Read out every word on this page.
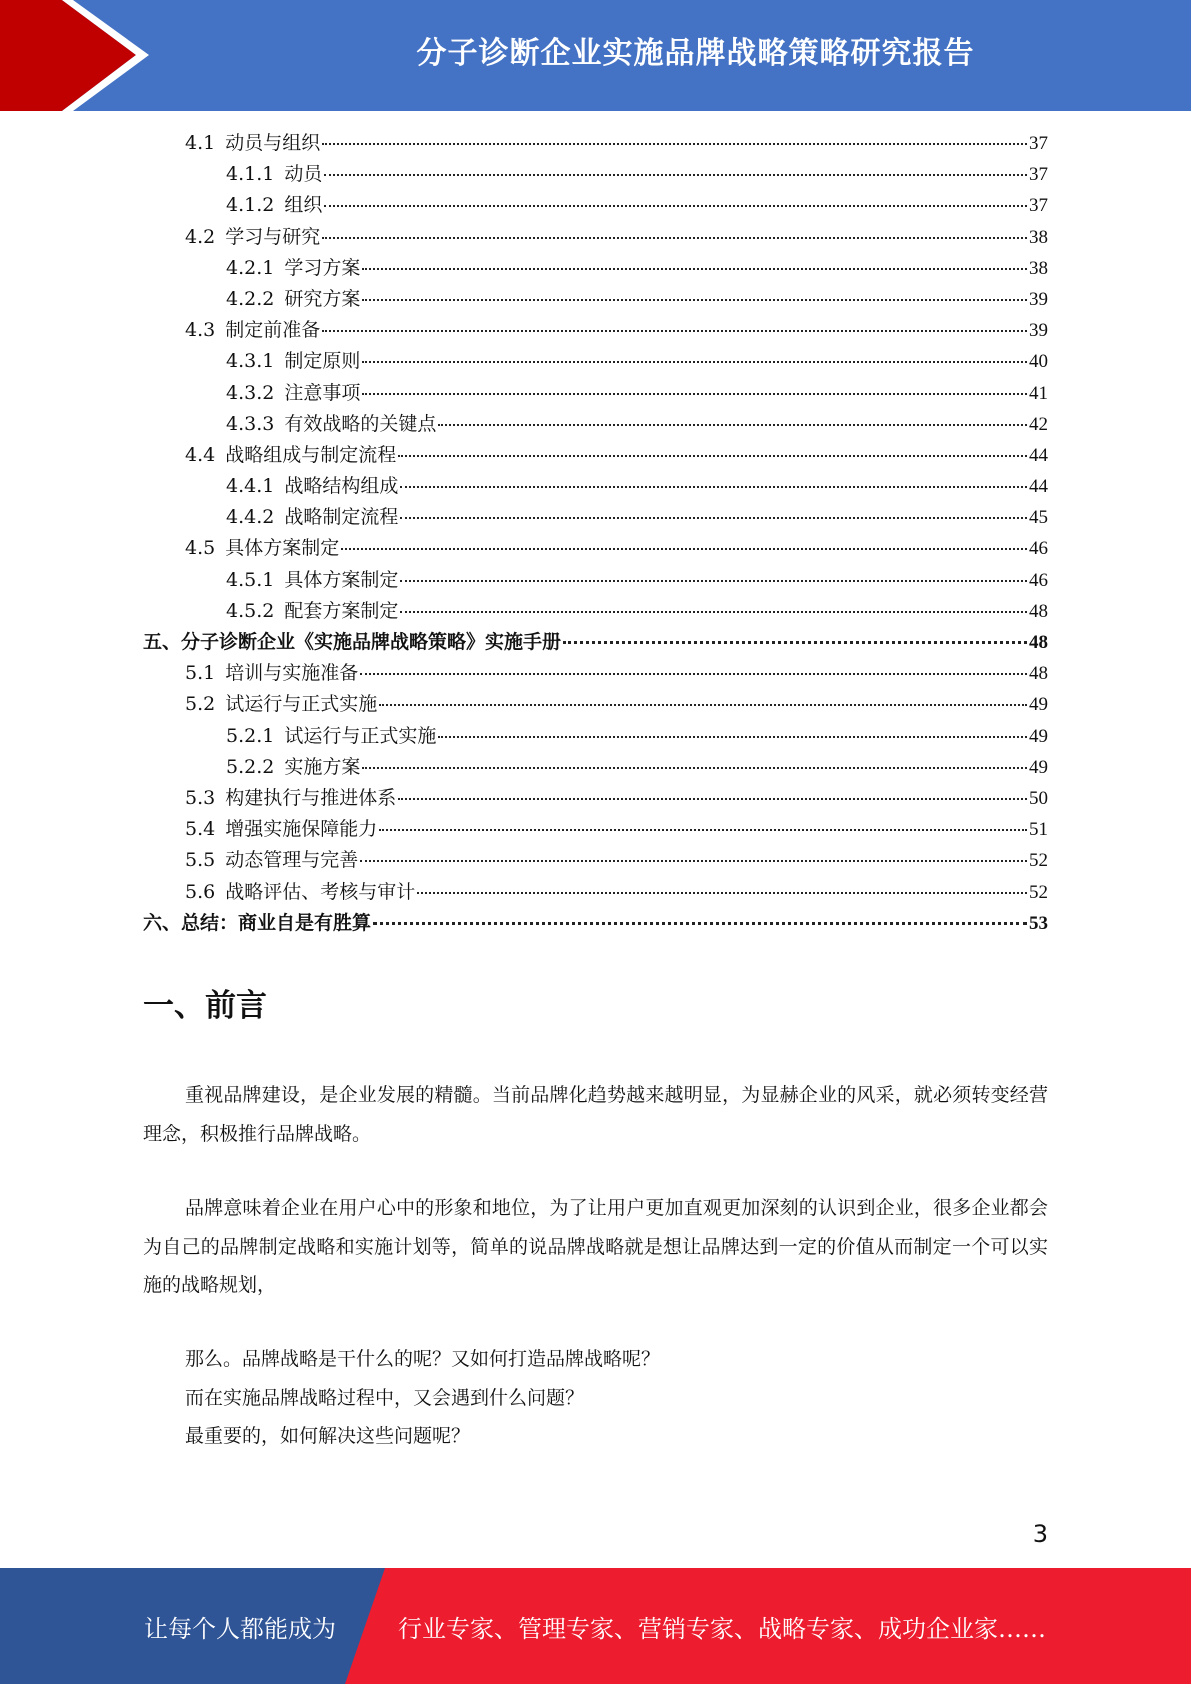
分子诊断企业实施品牌战略策略研究报告
4.1 动员与组织	37
4.1.1 动员	37
4.1.2 组织	37
4.2 学习与研究	38
4.2.1 学习方案	38
4.2.2 研究方案	39
4.3 制定前准备	39
4.3.1 制定原则	40
4.3.2 注意事项	41
4.3.3 有效战略的关键点	42
4.4 战略组成与制定流程	44
4.4.1 战略结构组成	44
4.4.2 战略制定流程	45
4.5 具体方案制定	46
4.5.1 具体方案制定	46
4.5.2 配套方案制定	48
五、分子诊断企业《实施品牌战略策略》实施手册	48
5.1 培训与实施准备	48
5.2 试运行与正式实施	49
5.2.1 试运行与正式实施	49
5.2.2 实施方案	49
5.3 构建执行与推进体系	50
5.4 增强实施保障能力	51
5.5 动态管理与完善	52
5.6 战略评估、考核与审计	52
六、总结：商业自是有胜算	53
一、前言

重视品牌建设，是企业发展的精髓。当前品牌化趋势越来越明显，为显赫企业的风采，就必须转变经营理念，积极推行品牌战略。

品牌意味着企业在用户心中的形象和地位，为了让用户更加直观更加深刻的认识到企业，很多企业都会为自己的品牌制定战略和实施计划等，简单的说品牌战略就是想让品牌达到一定的价值从而制定一个可以实施的战略规划，

那么。品牌战略是干什么的呢？又如何打造品牌战略呢？
而在实施品牌战略过程中，又会遇到什么问题？
最重要的，如何解决这些问题呢？
3
让每个人都能成为	行业专家、管理专家、营销专家、战略专家、成功企业家……
